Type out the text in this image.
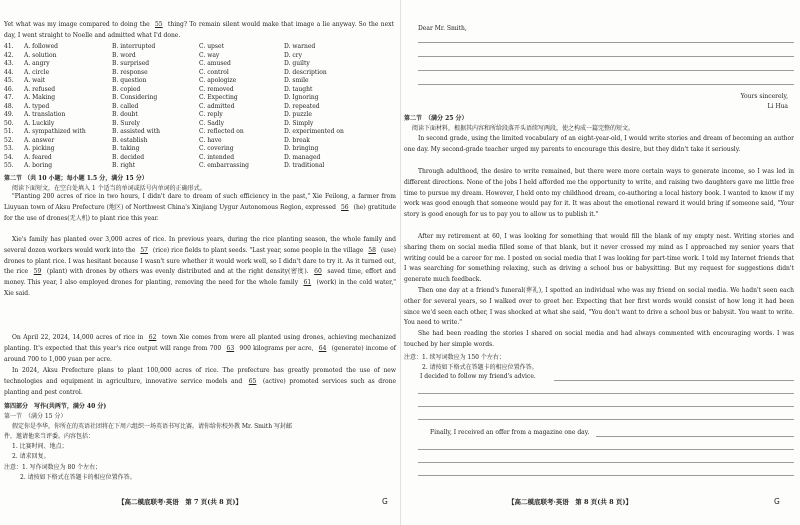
Yet what was my image compared to doing the 55 thing? To remain silent would make that image a lie anyway. So the next day, I went straight to Noelle and admitted what I'd done.
41. A. followed	B. interrupted	C. upset	D. warned
42. A. solution	B. word	C. way	D. cry
43. A. angry	B. surprised	C. amused	D. guilty
44. A. circle	B. response	C. control	D. description
45. A. wait	B. question	C. apologize	D. smile
46. A. refused	B. copied	C. removed	D. taught
47. A. Making	B. Considering	C. Expecting	D. Ignoring
48. A. typed	B. called	C. admitted	D. repeated
49. A. translation	B. doubt	C. reply	D. puzzle
50. A. Luckily	B. Surely	C. Sadly	D. Simply
51. A. sympathized with	B. assisted with	C. reflected on	D. experimented on
52. A. answer	B. establish	C. have	D. break
53. A. picking	B. taking	C. covering	D. bringing
54. A. feared	B. decided	C. intended	D. managed
55. A. boring	B. right	C. embarrassing	D. traditional
第二节 （共 10 小题；每小题 1.5 分，满分 15 分）
阅读下面短文，在空白处填入 1 个适当的单词或括号内单词的正确形式。
"Planting 200 acres of rice in two hours, I didn't dare to dream of such efficiency in the past," Xie Feilong, a farmer from Liuyuan town of Aksu Prefecture (地区) of Northwest China's Xinjiang Uygur Autonomous Region, expressed 56 (he) gratitude for the use of drones(无人机) to plant rice this year.
Xie's family has planted over 3,000 acres of rice. In previous years, during the rice planting season, the whole family and several dozen workers would work into the 57 (rice) rice fields to plant seeds. "Last year, some people in the village 58 (use) drones to plant rice. I was hesitant because I wasn't sure whether it would work well, so I didn't dare to try it. As it turned out, the rice 59 (plant) with drones by others was evenly distributed and at the right density(密度). 60 saved time, effort and money. This year, I also employed drones for planting, removing the need for the whole family 61 (work) in the cold water," Xie said.
On April 22, 2024, 14,000 acres of rice in 62 town Xie comes from were all planted using drones, achieving mechanized planting. It's expected that this year's rice output will range from 700 63 900 kilograms per acre, 64 (generate) income of around 700 to 1,000 yuan per acre.
In 2024, Aksu Prefecture plans to plant 100,000 acres of rice. The prefecture has greatly promoted the use of new technologies and equipment in agriculture, innovative service models and 65 (active) promoted services such as drone planting and pest control.
第四部分　写作(共两节，满分 40 分)
第一节　（满分 15 分）
假定你是李华，你所在的英语社团将在下周六组织一场英语书写比赛。请你给你校外教 Mr. Smith 写封邮
件，邀请他来当评委。内容包括：
1. 比赛时间、地点；
2. 请求回复。
注意：1. 写作词数应为 80 个左右；
2. 请按如下格式在答题卡的相应位置作答。
【高二模底联考·英语　第 7 页(共 8 页)】	G
Dear Mr. Smith,
Yours sincerely,
Li Hua
第二节　（满分 25 分）
阅读下面材料，根据其内容和所给段落开头语续写两段，使之构成一篇完整的短文。
In second grade, using the limited vocabulary of an eight-year-old, I would write stories and dream of becoming an author one day. My second-grade teacher urged my parents to encourage this desire, but they didn't take it seriously.
Through adulthood, the desire to write remained, but there were more certain ways to generate income, so I was led in different directions. None of the jobs I held afforded me the opportunity to write, and raising two daughters gave me little free time to pursue my dream. However, I held onto my childhood dream, co-authoring a local history book. I wanted to know if my work was good enough that someone would pay for it. It was about the emotional reward it would bring if someone said, "Your story is good enough for us to pay you to allow us to publish it."
After my retirement at 60, I was looking for something that would fill the blank of my empty nest. Writing stories and sharing them on social media filled some of that blank, but it never crossed my mind as I approached my senior years that writing could be a career for me. I posted on social media that I was looking for part-time work. I told my Internet friends that I was searching for something relaxing, such as driving a school bus or babysitting. But my request for suggestions didn't generate much feedback.
Then one day at a friend's funeral(葬礼), I spotted an individual who was my friend on social media. We hadn't seen each other for several years, so I walked over to greet her. Expecting that her first words would consist of how long it had been since we'd seen each other, I was shocked at what she said, "You don't want to drive a school bus or babysit. You want to write. You need to write."
She had been reading the stories I shared on social media and had always commented with encouraging words. I was touched by her simple words.
注意：1. 续写词数应为 150 个左右；
2. 请按如下格式在答题卡的相应位置作答。
I decided to follow my friend's advice.
Finally, I received an offer from a magazine one day.
【高二模底联考·英语　第 8 页(共 8 页)】	G
